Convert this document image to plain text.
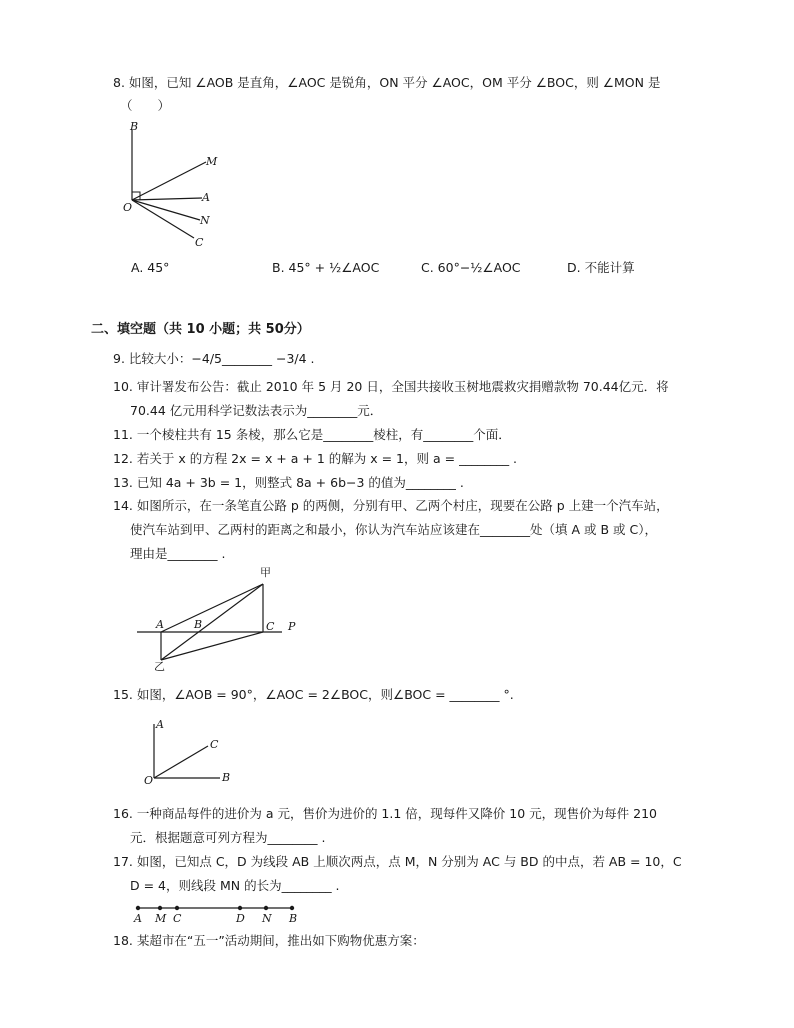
8. 如图，已知 ∠AOB 是直角，∠AOC 是锐角，ON 平分 ∠AOC，OM 平分 ∠BOC，则 ∠MON 是
（　　）
B
M
A
O
N
C
A. 45°	B. 45° + ½∠AOC	C. 60°−½∠AOC	D. 不能计算
二、填空题（共 10 小题；共 50分）
9. 比较大小：−4/5________ −3/4 .
10. 审计署发布公告：截止 2010 年 5 月 20 日，全国共接收玉树地震救灾捐赠款物 70.44亿元．将
70.44 亿元用科学记数法表示为________元．
11. 一个棱柱共有 15 条棱，那么它是________棱柱，有________个面．
12. 若关于 x 的方程 2x = x + a + 1 的解为 x = 1，则 a = ________ .
13. 已知 4a + 3b = 1，则整式 8a + 6b−3 的值为________ .
14. 如图所示，在一条笔直公路 p 的两侧，分别有甲、乙两个村庄，现要在公路 p 上建一个汽车站，
使汽车站到甲、乙两村的距离之和最小，你认为汽车站应该建在________处（填 A 或 B 或 C），
理由是________ .
甲
乙
A	B	C P
15. 如图，∠AOB = 90°，∠AOC = 2∠BOC，则∠BOC = ________ °.
A
C
O	B
16. 一种商品每件的进价为 a 元，售价为进价的 1.1 倍，现每件又降价 10 元，现售价为每件 210
元．根据题意可列方程为________ .
17. 如图，已知点 C，D 为线段 AB 上顺次两点，点 M，N 分别为 AC 与 BD 的中点，若 AB = 10，C
D = 4，则线段 MN 的长为________ .
A M C	D N B
18. 某超市在“五一”活动期间，推出如下购物优惠方案：
